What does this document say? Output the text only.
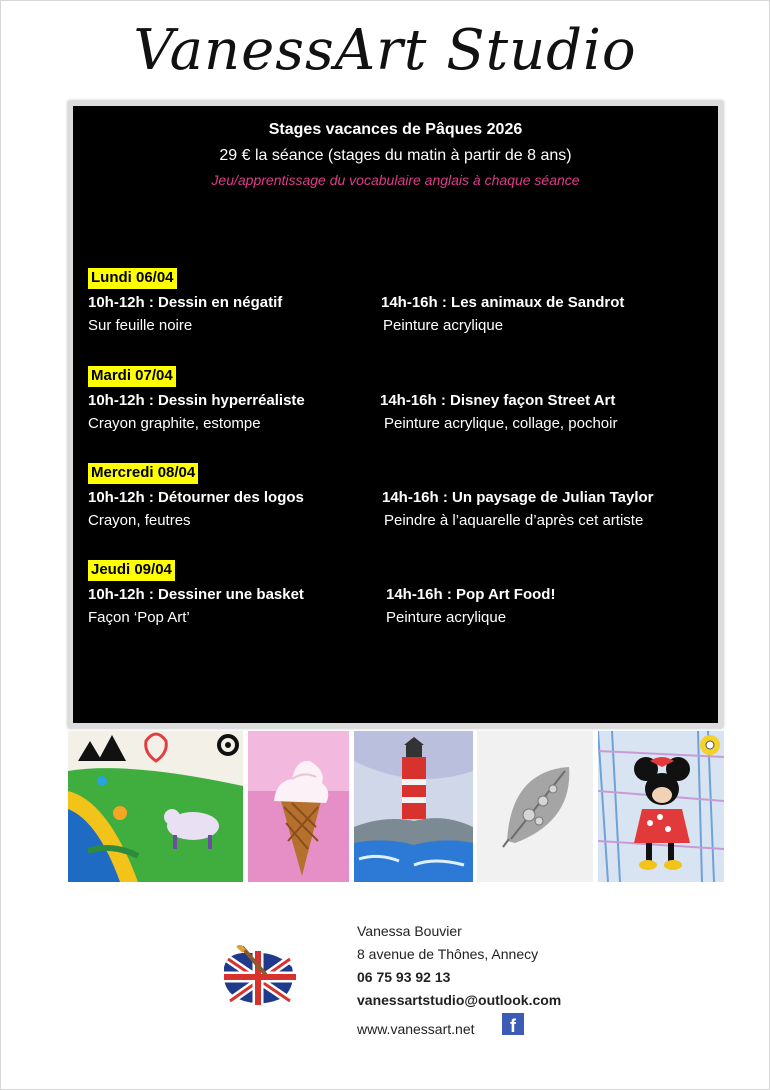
VanessArt Studio
Stages vacances de Pâques 2026
29 € la séance (stages du matin à partir de 8 ans)
Jeu/apprentissage du vocabulaire anglais à chaque séance
Lundi 06/04
10h-12h : Dessin en négatif
Sur feuille noire
14h-16h : Les animaux de Sandrot
Peinture acrylique
Mardi 07/04
10h-12h : Dessin hyperréaliste
Crayon graphite, estompe
14h-16h : Disney façon Street Art
Peinture acrylique, collage, pochoir
Mercredi 08/04
10h-12h : Détourner des logos
Crayon, feutres
14h-16h : Un paysage de Julian Taylor
Peindre à l’aquarelle d’après cet artiste
Jeudi 09/04
10h-12h : Dessiner une basket
Façon ‘Pop Art’
14h-16h : Pop Art Food!
Peinture acrylique
Vanessa Bouvier
8 avenue de Thônes, Annecy
06 75 93 92 13
vanessartstudio@outlook.com
www.vanessart.net	f
